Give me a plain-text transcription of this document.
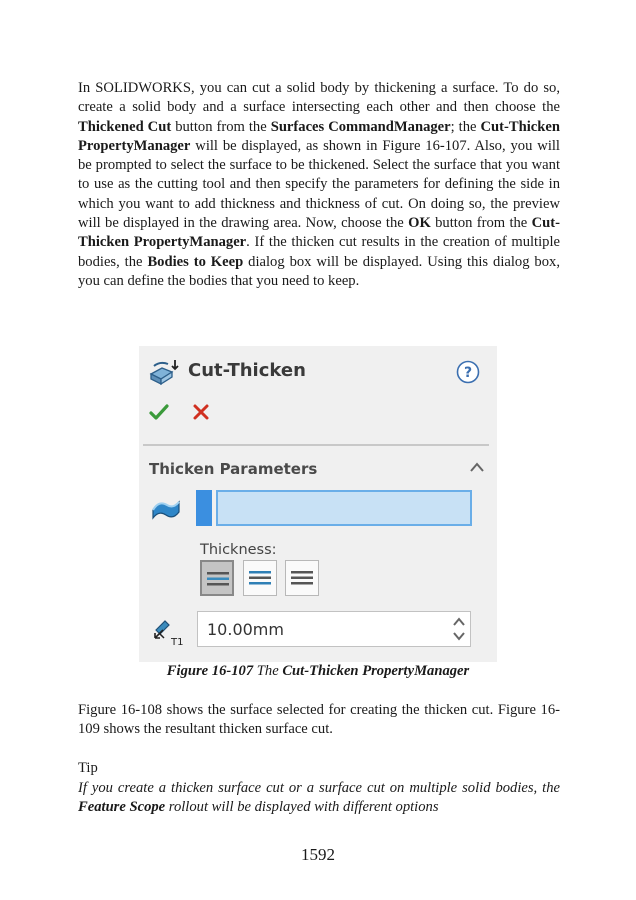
In SOLIDWORKS, you can cut a solid body by thickening a surface. To do so, create a solid body and a surface intersecting each other and then choose the Thickened Cut button from the Surfaces CommandManager; the Cut-Thicken PropertyManager will be displayed, as shown in Figure 16-107. Also, you will be prompted to select the surface to be thickened. Select the surface that you want to use as the cutting tool and then specify the parameters for defining the side in which you want to add thickness and thickness of cut. On doing so, the preview will be displayed in the drawing area. Now, choose the OK button from the Cut-Thicken PropertyManager. If the thicken cut results in the creation of multiple bodies, the Bodies to Keep dialog box will be displayed. Using this dialog box, you can define the bodies that you need to keep.

Cut-Thicken	?
Thicken Parameters
Thickness:
T1
10.00mm
Figure 16-107 The Cut-Thicken PropertyManager

Figure 16-108 shows the surface selected for creating the thicken cut. Figure 16-109 shows the resultant thicken surface cut.

Tip

If you create a thicken surface cut or a surface cut on multiple solid bodies, the Feature Scope rollout will be displayed with different options

1592
